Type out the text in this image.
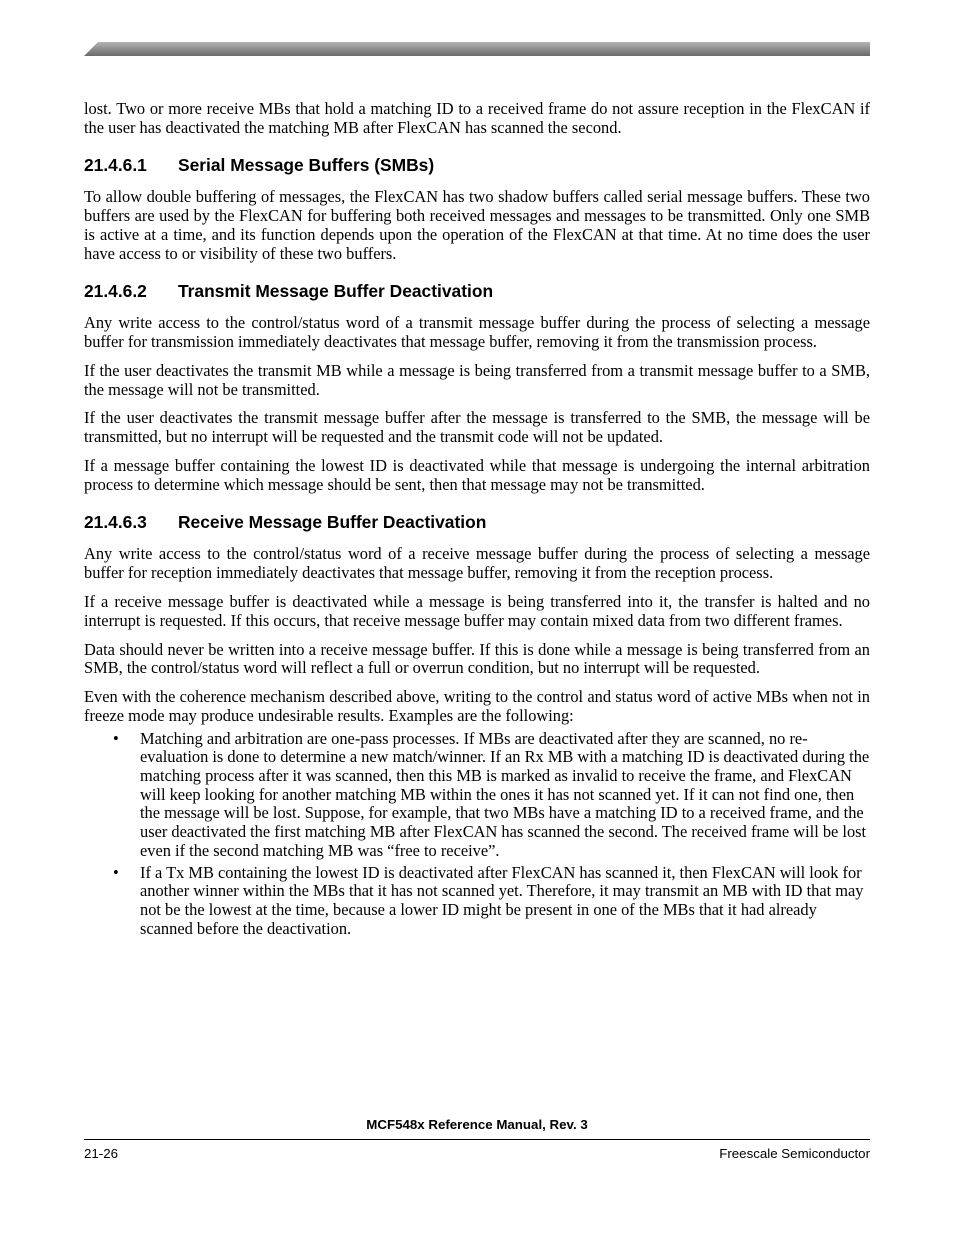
lost. Two or more receive MBs that hold a matching ID to a received frame do not assure reception in the FlexCAN if the user has deactivated the matching MB after FlexCAN has scanned the second.

21.4.6.1 Serial Message Buffers (SMBs)

To allow double buffering of messages, the FlexCAN has two shadow buffers called serial message buffers. These two buffers are used by the FlexCAN for buffering both received messages and messages to be transmitted. Only one SMB is active at a time, and its function depends upon the operation of the FlexCAN at that time. At no time does the user have access to or visibility of these two buffers.

21.4.6.2 Transmit Message Buffer Deactivation

Any write access to the control/status word of a transmit message buffer during the process of selecting a message buffer for transmission immediately deactivates that message buffer, removing it from the transmission process.

If the user deactivates the transmit MB while a message is being transferred from a transmit message buffer to a SMB, the message will not be transmitted.

If the user deactivates the transmit message buffer after the message is transferred to the SMB, the message will be transmitted, but no interrupt will be requested and the transmit code will not be updated.

If a message buffer containing the lowest ID is deactivated while that message is undergoing the internal arbitration process to determine which message should be sent, then that message may not be transmitted.

21.4.6.3 Receive Message Buffer Deactivation

Any write access to the control/status word of a receive message buffer during the process of selecting a message buffer for reception immediately deactivates that message buffer, removing it from the reception process.

If a receive message buffer is deactivated while a message is being transferred into it, the transfer is halted and no interrupt is requested. If this occurs, that receive message buffer may contain mixed data from two different frames.

Data should never be written into a receive message buffer. If this is done while a message is being transferred from an SMB, the control/status word will reflect a full or overrun condition, but no interrupt will be requested.

Even with the coherence mechanism described above, writing to the control and status word of active MBs when not in freeze mode may produce undesirable results. Examples are the following:

• Matching and arbitration are one-pass processes. If MBs are deactivated after they are scanned, no re-evaluation is done to determine a new match/winner. If an Rx MB with a matching ID is deactivated during the matching process after it was scanned, then this MB is marked as invalid to receive the frame, and FlexCAN will keep looking for another matching MB within the ones it has not scanned yet. If it can not find one, then the message will be lost. Suppose, for example, that two MBs have a matching ID to a received frame, and the user deactivated the first matching MB after FlexCAN has scanned the second. The received frame will be lost even if the second matching MB was “free to receive”.
• If a Tx MB containing the lowest ID is deactivated after FlexCAN has scanned it, then FlexCAN will look for another winner within the MBs that it has not scanned yet. Therefore, it may transmit an MB with ID that may not be the lowest at the time, because a lower ID might be present in one of the MBs that it had already scanned before the deactivation.
MCF548x Reference Manual, Rev. 3
21-26	Freescale Semiconductor
